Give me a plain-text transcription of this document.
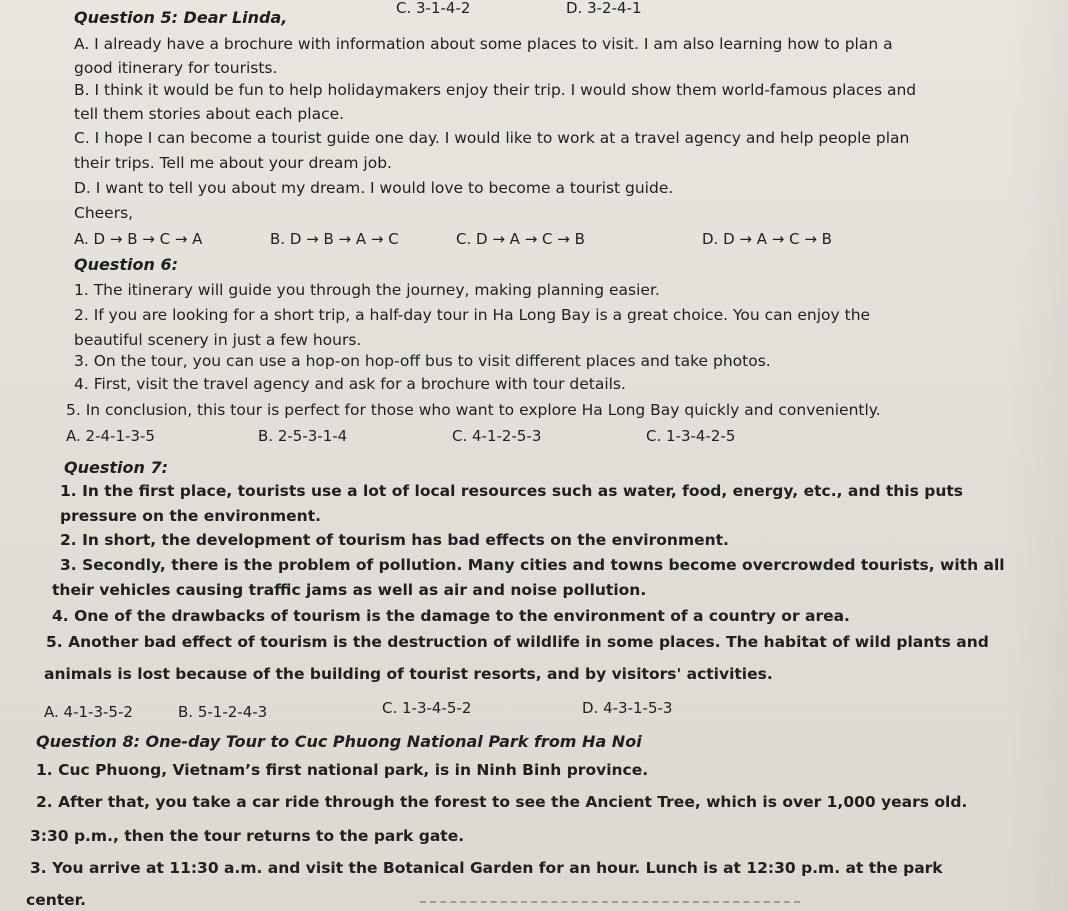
C. 3-1-4-2	D. 3-2-4-1
Question 5: Dear Linda,
A. I already have a brochure with information about some places to visit. I am also learning how to plan a
good itinerary for tourists.
B. I think it would be fun to help holidaymakers enjoy their trip. I would show them world-famous places and
tell them stories about each place.
C. I hope I can become a tourist guide one day. I would like to work at a travel agency and help people plan
their trips. Tell me about your dream job.
D. I want to tell you about my dream. I would love to become a tourist guide.
Cheers,
A. D → B → C → A	B. D → B → A → C	C. D → A → C → B	D. D → A → C → B
Question 6:
1. The itinerary will guide you through the journey, making planning easier.
2. If you are looking for a short trip, a half-day tour in Ha Long Bay is a great choice. You can enjoy the
beautiful scenery in just a few hours.
3. On the tour, you can use a hop-on hop-off bus to visit different places and take photos.
4. First, visit the travel agency and ask for a brochure with tour details.
5. In conclusion, this tour is perfect for those who want to explore Ha Long Bay quickly and conveniently.
A. 2-4-1-3-5	B. 2-5-3-1-4	C. 4-1-2-5-3	C. 1-3-4-2-5
Question 7:
1. In the first place, tourists use a lot of local resources such as water, food, energy, etc., and this puts
pressure on the environment.
2. In short, the development of tourism has bad effects on the environment.
3. Secondly, there is the problem of pollution. Many cities and towns become overcrowded tourists, with all
their vehicles causing traffic jams as well as air and noise pollution.
4. One of the drawbacks of tourism is the damage to the environment of a country or area.
5. Another bad effect of tourism is the destruction of wildlife in some places. The habitat of wild plants and
animals is lost because of the building of tourist resorts, and by visitors' activities.
A. 4-1-3-5-2	B. 5-1-2-4-3	C. 1-3-4-5-2	D. 4-3-1-5-3
Question 8: One-day Tour to Cuc Phuong National Park from Ha Noi
1. Cuc Phuong, Vietnam’s first national park, is in Ninh Binh province.
2. After that, you take a car ride through the forest to see the Ancient Tree, which is over 1,000 years old.
3:30 p.m., then the tour returns to the park gate.
3. You arrive at 11:30 a.m. and visit the Botanical Garden for an hour. Lunch is at 12:30 p.m. at the park
center.
